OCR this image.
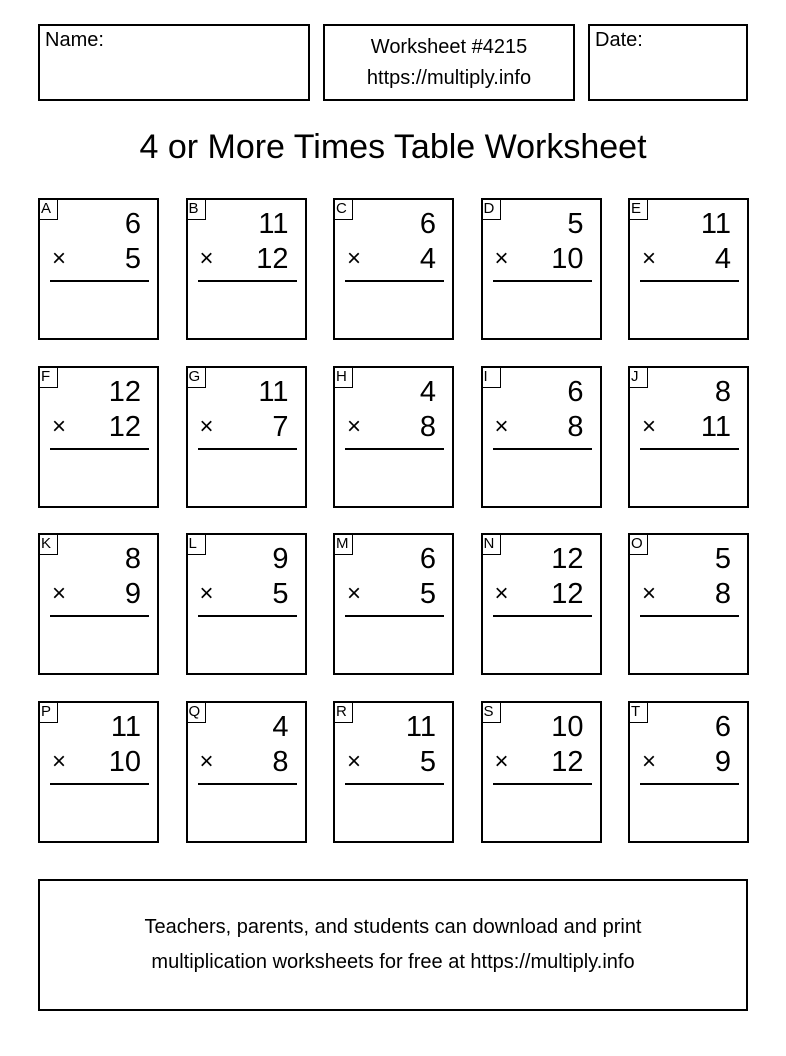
Name:	Worksheet #4215
https://multiply.info
Date:
4 or More Times Table Worksheet
A	6
× 5
B 11
× 12
C	6
× 4
D	5
× 10
E 11
× 4
F 12
× 12
G 11
× 7
H	4
× 8
I	6
× 8
J	8
× 11
K	8
× 9
L	9
× 5
M 6
× 5
N 12
× 12
O 5
× 8
P 11
× 10
Q 4
× 8
R 11
× 5
S 10
× 12
T	6
× 9
Teachers, parents, and students can download and print
multiplication worksheets for free at https://multiply.info
